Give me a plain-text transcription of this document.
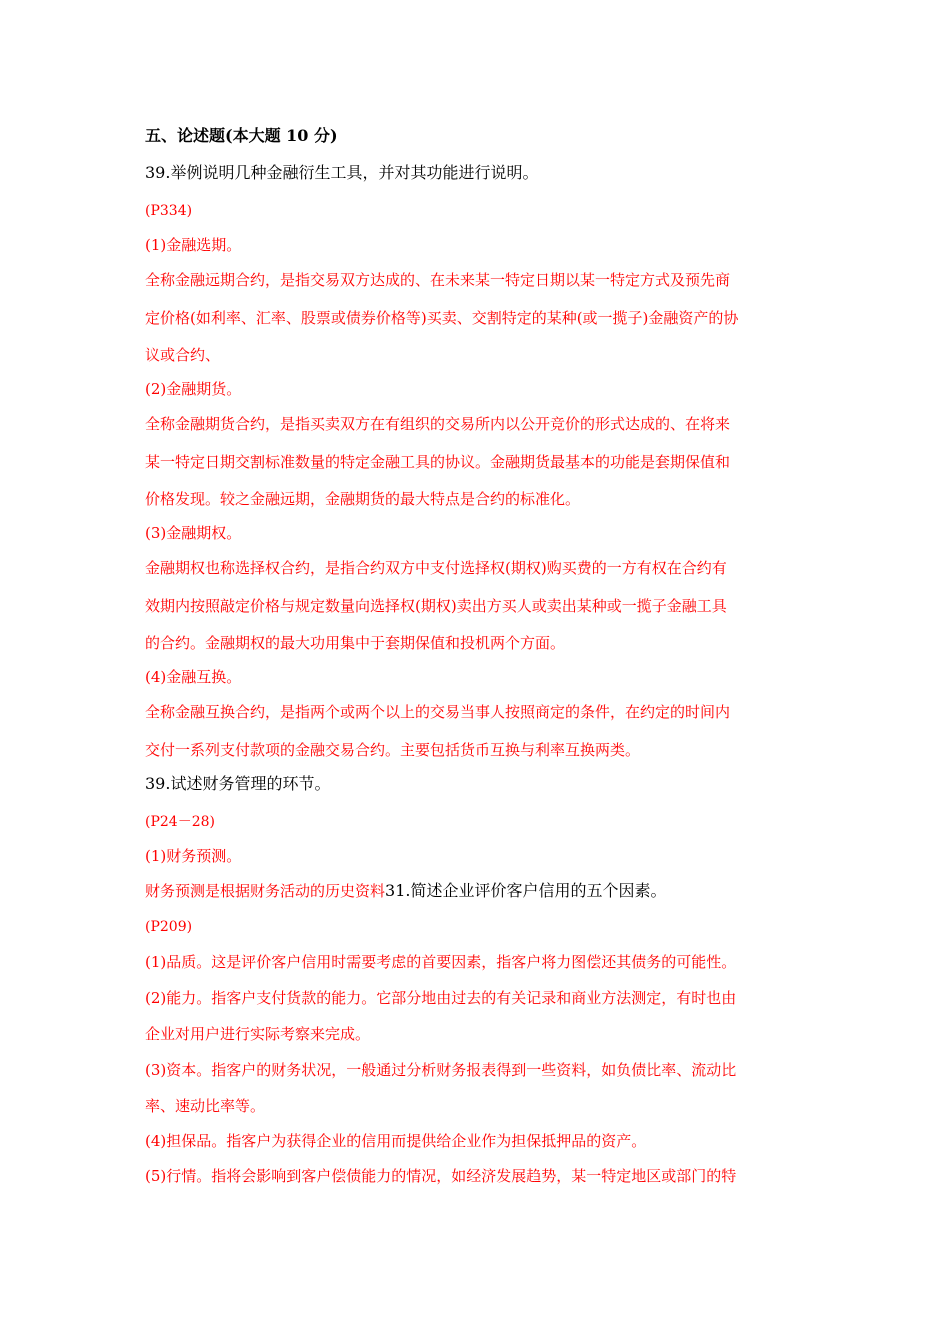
五、论述题(本大题 10 分)
39.举例说明几种金融衍生工具，并对其功能进行说明。
(P334)
(1)金融选期。
全称金融远期合约，是指交易双方达成的、在未来某一特定日期以某一特定方式及预先商
定价格(如利率、汇率、股票或债券价格等)买卖、交割特定的某种(或一揽子)金融资产的协
议或合约、
(2)金融期货。
全称金融期货合约，是指买卖双方在有组织的交易所内以公开竞价的形式达成的、在将来
某一特定日期交割标准数量的特定金融工具的协议。金融期货最基本的功能是套期保值和
价格发现。较之金融远期，金融期货的最大特点是合约的标准化。
(3)金融期权。
金融期权也称选择权合约，是指合约双方中支付选择权(期权)购买费的一方有权在合约有
效期内按照敲定价格与规定数量向选择权(期权)卖出方买人或卖出某种或一揽子金融工具
的合约。金融期权的最大功用集中于套期保值和投机两个方面。
(4)金融互换。
全称金融互换合约，是指两个或两个以上的交易当事人按照商定的条件，在约定的时间内
交付一系列支付款项的金融交易合约。主要包括货币互换与利率互换两类。
39.试述财务管理的环节。
(P24－28)
(1)财务预测。
财务预测是根据财务活动的历史资料31.简述企业评价客户信用的五个因素。
(P209)
(1)品质。这是评价客户信用时需要考虑的首要因素，指客户将力图偿还其债务的可能性。
(2)能力。指客户支付货款的能力。它部分地由过去的有关记录和商业方法测定，有时也由
企业对用户进行实际考察来完成。
(3)资本。指客户的财务状况，一般通过分析财务报表得到一些资料，如负债比率、流动比
率、速动比率等。
(4)担保品。指客户为获得企业的信用而提供给企业作为担保抵押品的资产。
(5)行情。指将会影响到客户偿债能力的情况，如经济发展趋势，某一特定地区或部门的特
